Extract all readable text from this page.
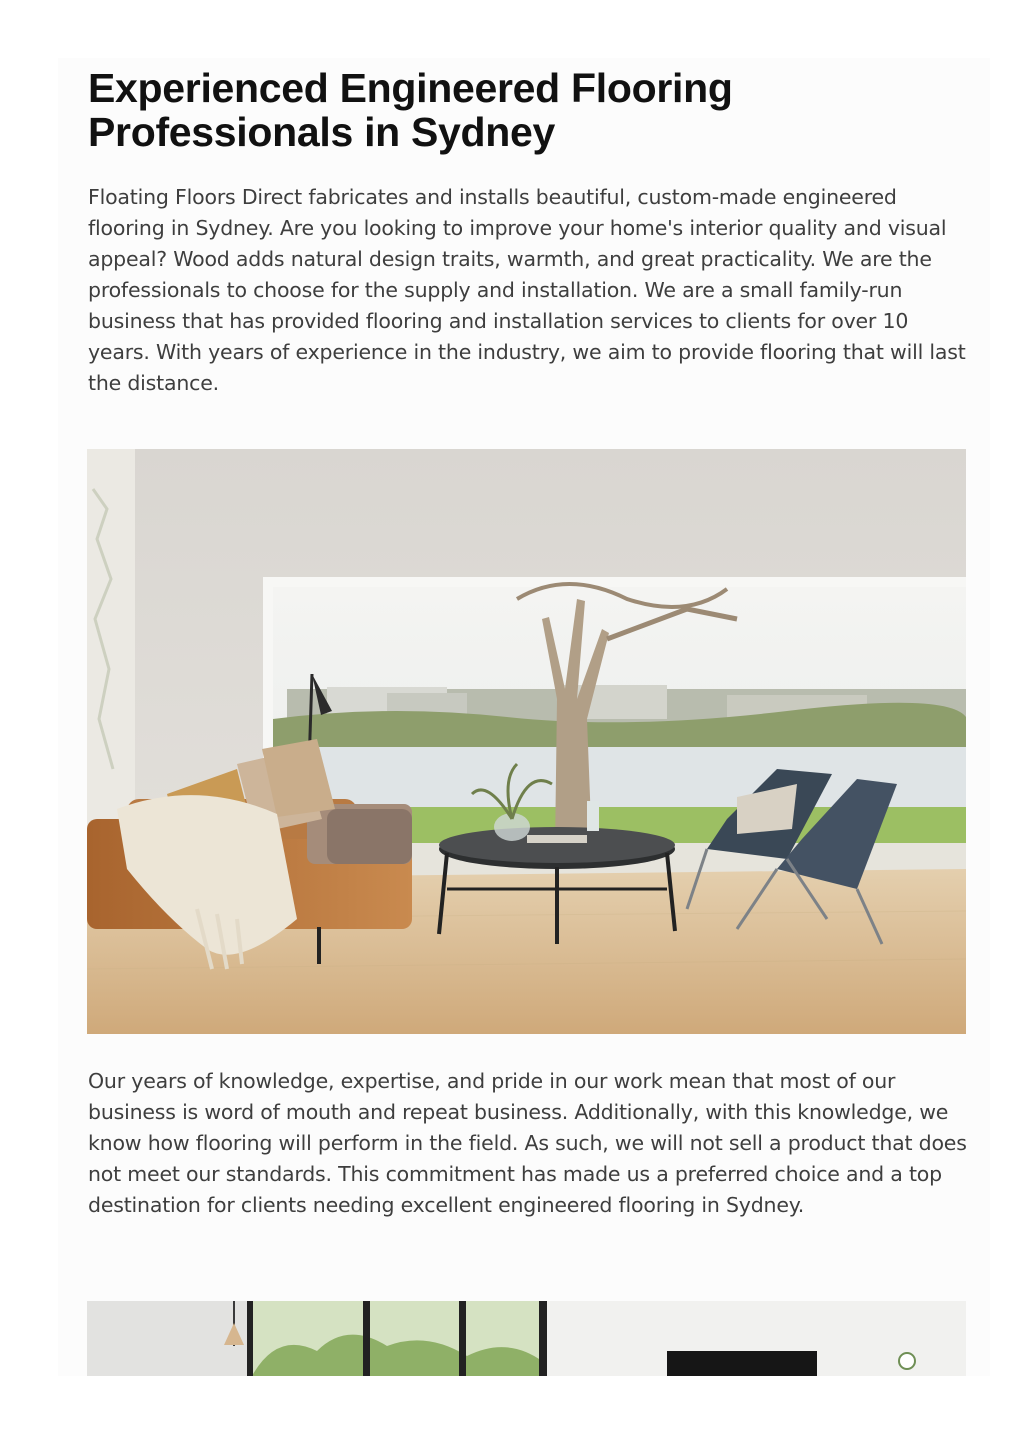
Experienced Engineered Flooring Professionals in Sydney

Floating Floors Direct fabricates and installs beautiful, custom-made engineered flooring in Sydney. Are you looking to improve your home's interior quality and visual appeal? Wood adds natural design traits, warmth, and great practicality. We are the professionals to choose for the supply and installation. We are a small family-run business that has provided flooring and installation services to clients for over 10 years. With years of experience in the industry, we aim to provide flooring that will last the distance.

Our years of knowledge, expertise, and pride in our work mean that most of our business is word of mouth and repeat business. Additionally, with this knowledge, we know how flooring will perform in the field. As such, we will not sell a product that does not meet our standards. This commitment has made us a preferred choice and a top destination for clients needing excellent engineered flooring in Sydney.
